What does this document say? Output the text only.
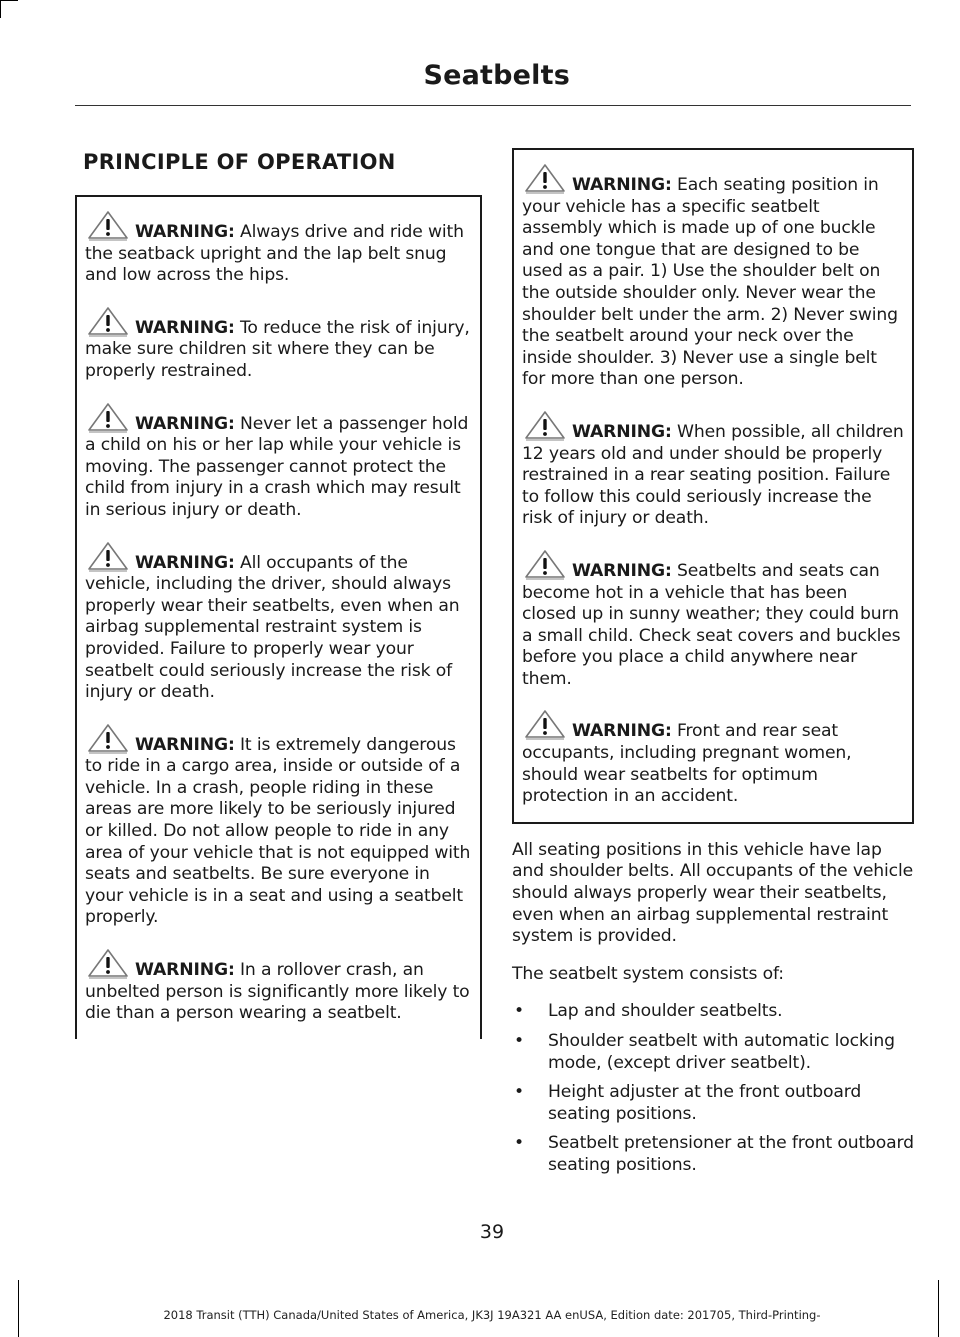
Seatbelts
PRINCIPLE OF OPERATION

WARNING: Always drive and ride with the seatback upright and the lap belt snug and low across the hips.

WARNING: To reduce the risk of injury, make sure children sit where they can be properly restrained.

WARNING: Never let a passenger hold a child on his or her lap while your vehicle is moving. The passenger cannot protect the child from injury in a crash which may result in serious injury or death.

WARNING: All occupants of the vehicle, including the driver, should always properly wear their seatbelts, even when an airbag supplemental restraint system is provided. Failure to properly wear your seatbelt could seriously increase the risk of injury or death.

WARNING: It is extremely dangerous to ride in a cargo area, inside or outside of a vehicle. In a crash, people riding in these areas are more likely to be seriously injured or killed. Do not allow people to ride in any area of your vehicle that is not equipped with seats and seatbelts. Be sure everyone in your vehicle is in a seat and using a seatbelt properly.

WARNING: In a rollover crash, an unbelted person is significantly more likely to die than a person wearing a seatbelt.

WARNING: Each seating position in your vehicle has a specific seatbelt assembly which is made up of one buckle and one tongue that are designed to be used as a pair. 1) Use the shoulder belt on the outside shoulder only. Never wear the shoulder belt under the arm. 2) Never swing the seatbelt around your neck over the inside shoulder. 3) Never use a single belt for more than one person.

WARNING: When possible, all children 12 years old and under should be properly restrained in a rear seating position. Failure to follow this could seriously increase the risk of injury or death.

WARNING: Seatbelts and seats can become hot in a vehicle that has been closed up in sunny weather; they could burn a small child. Check seat covers and buckles before you place a child anywhere near them.

WARNING: Front and rear seat occupants, including pregnant women, should wear seatbelts for optimum protection in an accident.

All seating positions in this vehicle have lap and shoulder belts. All occupants of the vehicle should always properly wear their seatbelts, even when an airbag supplemental restraint system is provided.

The seatbelt system consists of:

• Lap and shoulder seatbelts.
• Shoulder seatbelt with automatic locking mode, (except driver seatbelt).
• Height adjuster at the front outboard seating positions.
• Seatbelt pretensioner at the front outboard seating positions.
39
2018 Transit (TTH) Canada/United States of America, JK3J 19A321 AA enUSA, Edition date: 201705, Third-Printing-
